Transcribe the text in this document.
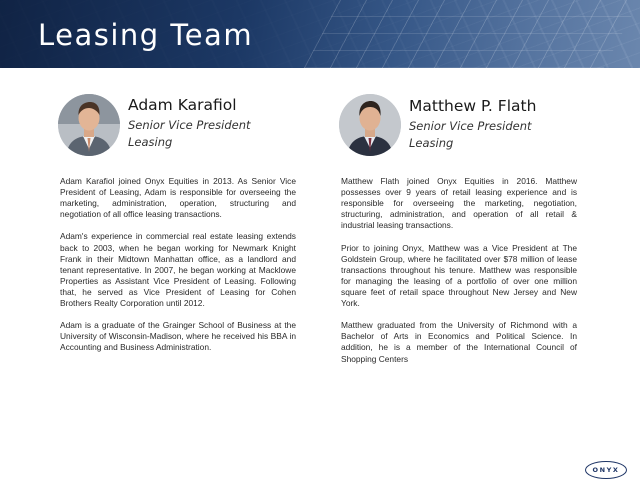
Leasing Team
Adam Karafiol
Senior Vice President
Leasing

Adam Karafiol joined Onyx Equities in 2013. As Senior Vice President of Leasing, Adam is responsible for overseeing the marketing, administration, operation, structuring and negotiation of all office leasing transactions.

Adam's experience in commercial real estate leasing extends back to 2003, when he began working for Newmark Knight Frank in their Midtown Manhattan office, as a landlord and tenant representative. In 2007, he began working at Macklowe Properties as Assistant Vice President of Leasing. Following that, he served as Vice President of Leasing for Cohen Brothers Realty Corporation until 2012.

Adam is a graduate of the Grainger School of Business at the University of Wisconsin-Madison, where he received his BBA in Accounting and Business Administration.

Matthew P. Flath
Senior Vice President
Leasing

Matthew Flath joined Onyx Equities in 2016. Matthew possesses over 9 years of retail leasing experience and is responsible for overseeing the marketing, negotiation, structuring, administration, and operation of all retail & industrial leasing transactions.

Prior to joining Onyx, Matthew was a Vice President at The Goldstein Group, where he facilitated over $78 million of lease transactions throughout his tenure. Matthew was responsible for managing the leasing of a portfolio of over one million square feet of retail space throughout New Jersey and New York.

Matthew graduated from the University of Richmond with a Bachelor of Arts in Economics and Political Science. In addition, he is a member of the International Council of Shopping Centers

ONYX
